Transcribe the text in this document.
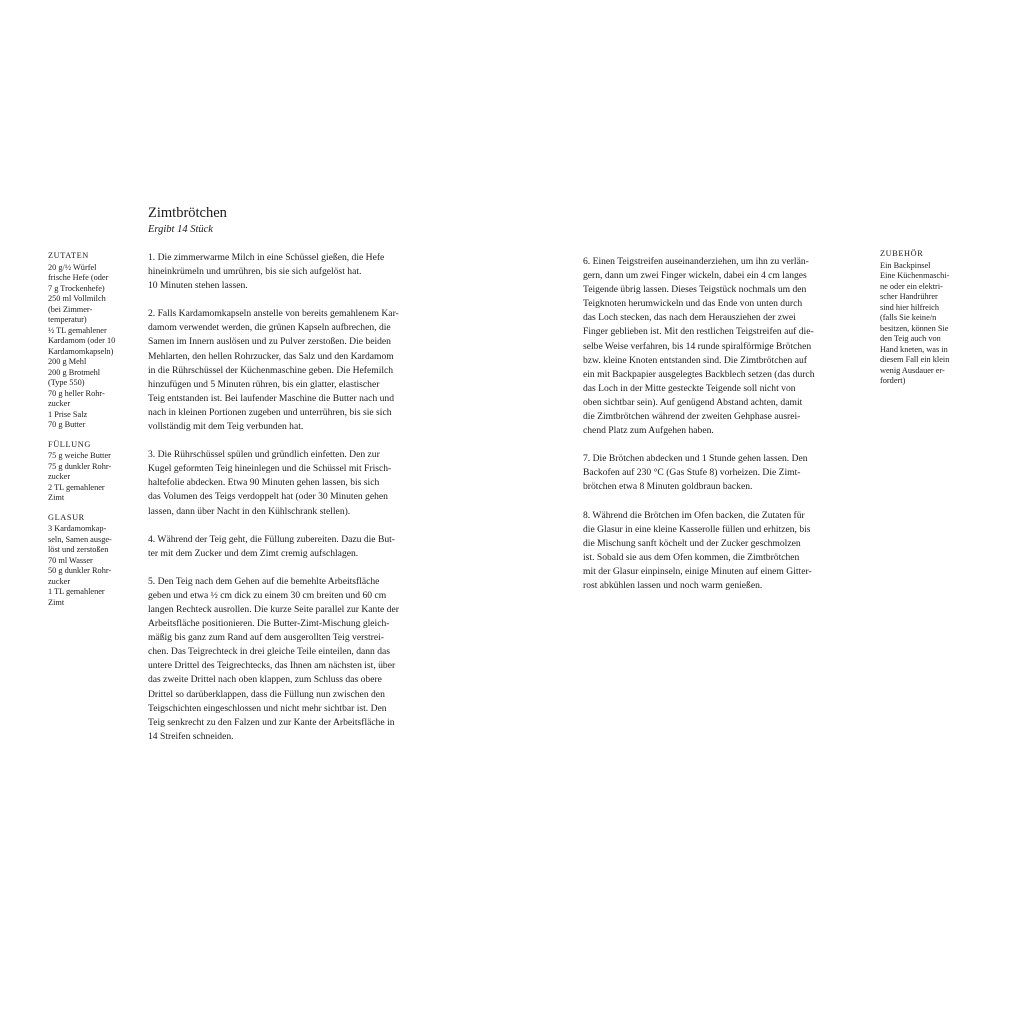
Zimtbrötchen
Ergibt 14 Stück
ZUTATEN
20 g/½ Würfel
frische Hefe (oder
7 g Trockenhefe)
250 ml Vollmilch
(bei Zimmer-
temperatur)
½ TL gemahlener
Kardamom (oder 10
Kardamomkapseln)
200 g Mehl
200 g Brotmehl
(Type 550)
70 g heller Rohr-
zucker
1 Prise Salz
70 g Butter
FÜLLUNG
75 g weiche Butter
75 g dunkler Rohr-
zucker
2 TL gemahlener
Zimt
GLASUR
3 Kardamomkap-
seln, Samen ausge-
löst und zerstoßen
70 ml Wasser
50 g dunkler Rohr-
zucker
1 TL gemahlener
Zimt

1. Die zimmerwarme Milch in eine Schüssel gießen, die Hefe
hineinkrümeln und umrühren, bis sie sich aufgelöst hat.
10 Minuten stehen lassen.

2. Falls Kardamomkapseln anstelle von bereits gemahlenem Kar-
damom verwendet werden, die grünen Kapseln aufbrechen, die
Samen im Innern auslösen und zu Pulver zerstoßen. Die beiden
Mehlarten, den hellen Rohrzucker, das Salz und den Kardamom
in die Rührschüssel der Küchenmaschine geben. Die Hefemilch
hinzufügen und 5 Minuten rühren, bis ein glatter, elastischer
Teig entstanden ist. Bei laufender Maschine die Butter nach und
nach in kleinen Portionen zugeben und unterrühren, bis sie sich
vollständig mit dem Teig verbunden hat.

3. Die Rührschüssel spülen und gründlich einfetten. Den zur
Kugel geformten Teig hineinlegen und die Schüssel mit Frisch-
haltefolie abdecken. Etwa 90 Minuten gehen lassen, bis sich
das Volumen des Teigs verdoppelt hat (oder 30 Minuten gehen
lassen, dann über Nacht in den Kühlschrank stellen).

4. Während der Teig geht, die Füllung zubereiten. Dazu die But-
ter mit dem Zucker und dem Zimt cremig aufschlagen.

5. Den Teig nach dem Gehen auf die bemehlte Arbeitsfläche
geben und etwa ½ cm dick zu einem 30 cm breiten und 60 cm
langen Rechteck ausrollen. Die kurze Seite parallel zur Kante der
Arbeitsfläche positionieren. Die Butter-Zimt-Mischung gleich-
mäßig bis ganz zum Rand auf dem ausgerollten Teig verstrei-
chen. Das Teigrechteck in drei gleiche Teile einteilen, dann das
untere Drittel des Teigrechtecks, das Ihnen am nächsten ist, über
das zweite Drittel nach oben klappen, zum Schluss das obere
Drittel so darüberklappen, dass die Füllung nun zwischen den
Teigschichten eingeschlossen und nicht mehr sichtbar ist. Den
Teig senkrecht zu den Falzen und zur Kante der Arbeitsfläche in
14 Streifen schneiden.

6. Einen Teigstreifen auseinanderziehen, um ihn zu verlän-
gern, dann um zwei Finger wickeln, dabei ein 4 cm langes
Teigende übrig lassen. Dieses Teigstück nochmals um den
Teigknoten herumwickeln und das Ende von unten durch
das Loch stecken, das nach dem Herausziehen der zwei
Finger geblieben ist. Mit den restlichen Teigstreifen auf die-
selbe Weise verfahren, bis 14 runde spiralförmige Brötchen
bzw. kleine Knoten entstanden sind. Die Zimtbrötchen auf
ein mit Backpapier ausgelegtes Backblech setzen (das durch
das Loch in der Mitte gesteckte Teigende soll nicht von
oben sichtbar sein). Auf genügend Abstand achten, damit
die Zimtbrötchen während der zweiten Gehphase ausrei-
chend Platz zum Aufgehen haben.

7. Die Brötchen abdecken und 1 Stunde gehen lassen. Den
Backofen auf 230 °C (Gas Stufe 8) vorheizen. Die Zimt-
brötchen etwa 8 Minuten goldbraun backen.

8. Während die Brötchen im Ofen backen, die Zutaten für
die Glasur in eine kleine Kasserolle füllen und erhitzen, bis
die Mischung sanft köchelt und der Zucker geschmolzen
ist. Sobald sie aus dem Ofen kommen, die Zimtbrötchen
mit der Glasur einpinseln, einige Minuten auf einem Gitter-
rost abkühlen lassen und noch warm genießen.

ZUBEHÖR
Ein Backpinsel
Eine Küchenmaschi-
ne oder ein elektri-
scher Handrührer
sind hier hilfreich
(falls Sie keine/n
besitzen, können Sie
den Teig auch von
Hand kneten, was in
diesem Fall ein klein
wenig Ausdauer er-
fordert)
